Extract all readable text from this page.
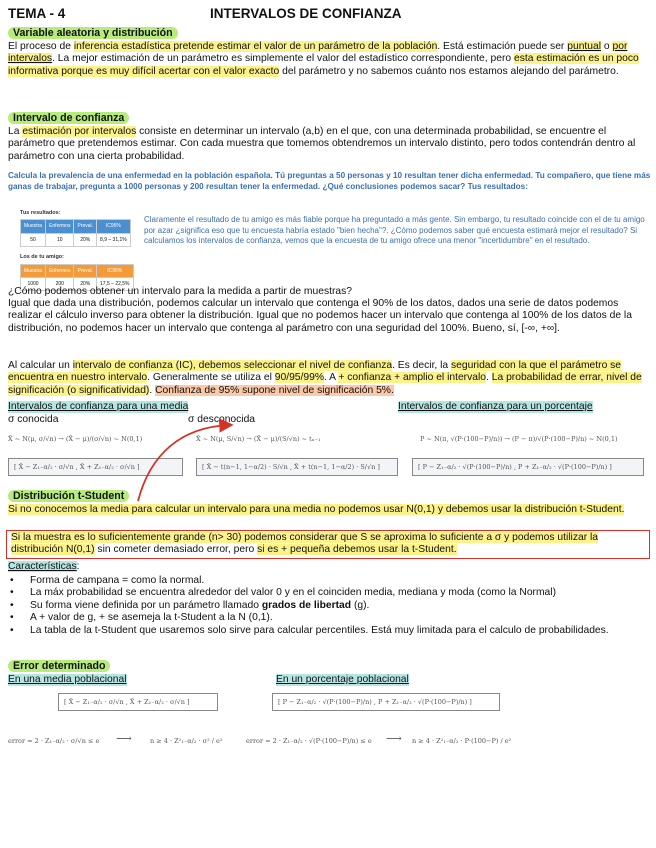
TEMA - 4	INTERVALOS DE CONFIANZA
Variable aleatoria y distribución
El proceso de inferencia estadística pretende estimar el valor de un parámetro de la población. Está estimación puede ser puntual o por intervalos. La mejor estimación de un parámetro es simplemente el valor del estadístico correspondiente, pero esta estimación es un poco informativa porque es muy difícil acertar con el valor exacto del parámetro y no sabemos cuánto nos estamos alejando del parámetro.
Intervalo de confianza
La estimación por intervalos consiste en determinar un intervalo (a,b) en el que, con una determinada probabilidad, se encuentre el parámetro que pretendemos estimar. Con cada muestra que tomemos obtendremos un intervalo distinto, pero todos contendrán dentro al parámetro con una cierta probabilidad.
Calcula la prevalencia de una enfermedad en la población española. Tú preguntas a 50 personas y 10 resultan tener dicha enfermedad. Tu compañero, que tiene más ganas de trabajar, pregunta a 1000 personas y 200 resultan tener la enfermedad. ¿Qué conclusiones podemos sacar? Tus resultados:
Tus resultados:
Muestra	Enfermos	Preval.	IC95%
50	10	20%	8,9 – 31,1%
Los de tu amigo:
Muestra	Enfermos	Preval.	IC95%
1000	200	20%	17,5 – 22,5%
Claramente el resultado de tu amigo es más fiable porque ha preguntado a más gente. Sin embargo, tu resultado coincide con el de tu amigo por azar ¿significa eso que tu encuesta habría estado "bien hecha"?. ¿Cómo podemos saber qué encuesta estimará mejor el resultado? Si calculamos los intervalos de confianza, vemos que la encuesta de tu amigo ofrece una menor "incertidumbre" en el resultado.
¿Cómo podemos obtener un intervalo para la medida a partir de muestras?
Igual que dada una distribución, podemos calcular un intervalo que contenga el 90% de los datos, dados una serie de datos podemos realizar el cálculo inverso para obtener la distribución. Igual que no podemos hacer un intervalo que contenga al 100% de los datos de la distribución, no podemos hacer un intervalo que contenga al parámetro con una seguridad del 100%. Bueno, sí, [-∞, +∞].
Al calcular un intervalo de confianza (IC), debemos seleccionar el nivel de confianza. Es decir, la seguridad con la que el parámetro se encuentra en nuestro intervalo. Generalmente se utiliza el 90/95/99%. A + confianza + amplio el intervalo. La probabilidad de errar, nivel de significación (o significatividad). Confianza de 95% supone nivel de significación 5%.
Intervalos de confianza para una media	Intervalos de confianza para un porcentaje
σ conocida	σ desconocida
X̄ ~ N(μ, σ/√n) → (X̄ − μ)/(σ/√n) ~ N(0,1)	X̄ ~ N(μ, S/√n) → (X̄ − μ)/(S/√n) ~ tₙ₋₁	P ~ N(π, √(P·(100−P)/n)) → (P − π)/√(P·(100−P)/n) ~ N(0,1)
[ X̄ − Z₁₋α/₂ · σ/√n , X̄ + Z₁₋α/₂ · σ/√n ]	[ X̄ − t(n−1, 1−α/2) · S/√n , X̄ + t(n−1, 1−α/2) · S/√n ]	[ P − Z₁₋α/₂ · √(P·(100−P)/n) , P + Z₁₋α/₂ · √(P·(100−P)/n) ]
Distribución t-Student
Si no conocemos la media para calcular un intervalo para una media no podemos usar N(0,1) y debemos usar la distribución t-Student.
Si la muestra es lo suficientemente grande (n> 30) podemos considerar que S se aproxima lo suficiente a σ y podemos utilizar la distribución N(0,1) sin cometer demasiado error, pero si es + pequeña debemos usar la t-Student.
Características:
• Forma de campana = como la normal.
• La máx probabilidad se encuentra alrededor del valor 0 y en el coinciden media, mediana y moda (como la Normal)
• Su forma viene definida por un parámetro llamado grados de libertad (g).
• A + valor de g, + se asemeja la t-Student a la N (0,1).
• La tabla de la t-Student que usaremos solo sirve para calcular percentiles. Está muy limitada para el calculo de probabilidades.
Error determinado
En una media poblacional	En un porcentaje poblacional
[ X̄ − Z₁₋α/₂ · σ/√n , X̄ + Z₁₋α/₂ · σ/√n ]	[ P − Z₁₋α/₂ · √(P·(100−P)/n) , P + Z₁₋α/₂ · √(P·(100−P)/n) ]
error = 2 · Z₁₋α/₂ · σ/√n ≤ e ⟶	n ≥ 4 · Z²₁₋α/₂ · σ² / e²	error = 2 · Z₁₋α/₂ · √(P·(100−P)/n) ≤ e ⟶ n ≥ 4 · Z²₁₋α/₂ · P·(100−P) / e²
